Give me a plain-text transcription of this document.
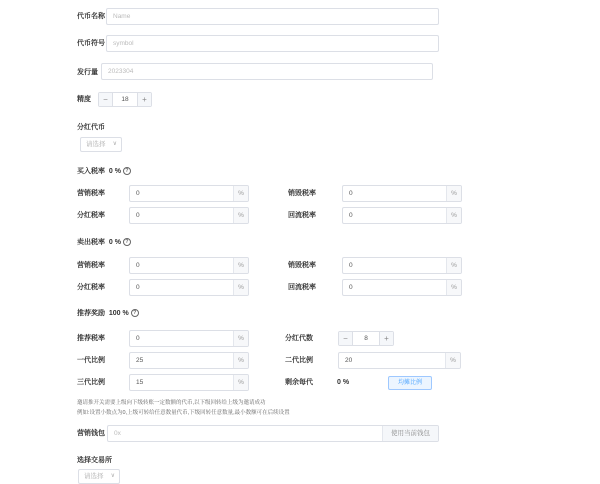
代币名称	Name
代币符号	symbol
发行量	2023304
精度	−	18	+
分红代币
请选择 ∨
买入税率 0 % ?
营销税率	0	%	销毁税率	0	%
分红税率	0	%	回流税率	0	%
卖出税率 0 % ?
营销税率	0	%	销毁税率	0	%
分红税率	0	%	回流税率	0	%
推荐奖励 100 % ?
推荐税率	0	%	分红代数	−	8	+
一代比例	25	%	二代比例	20	%
三代比例	15	%	剩余每代	0 %	均摊比例
邀请推开关需要上级向下级转账一定数额的代币,以下级回转给上级为邀请成功
例如:设置小数点为0,上级可转给任意数量代币,下级回转任意数量,最小数额可在后续设置
营销钱包	0x	使用当前钱包
选择交易所
请选择 ∨
